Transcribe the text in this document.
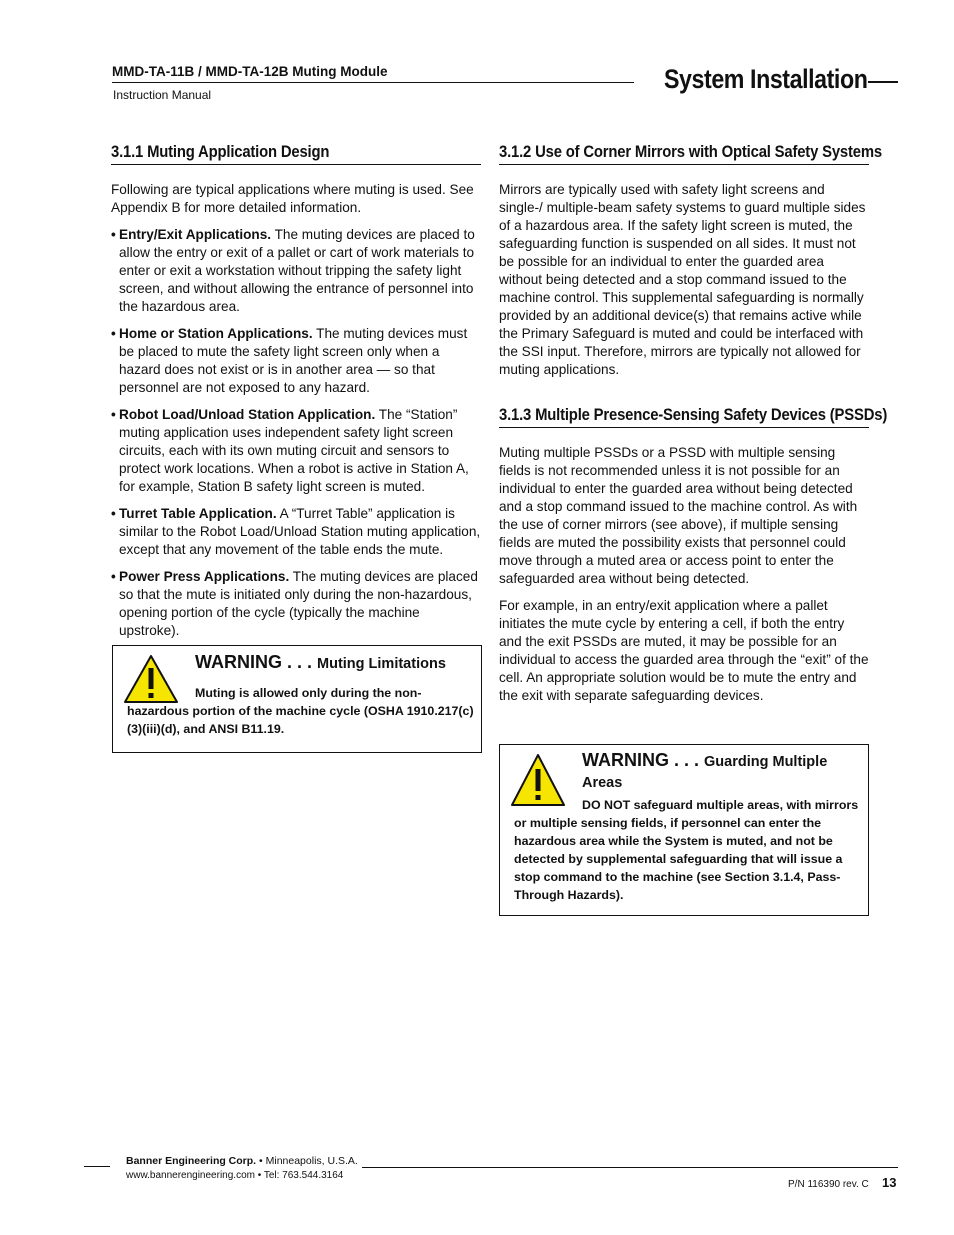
MMD-TA-11B / MMD-TA-12B Muting Module
Instruction Manual
System Installation
3.1.1 Muting Application Design

Following are typical applications where muting is used. See Appendix B for more detailed information.

• Entry/Exit Applications. The muting devices are placed to allow the entry or exit of a pallet or cart of work materials to enter or exit a workstation without tripping the safety light screen, and without allowing the entrance of personnel into the hazardous area.
• Home or Station Applications. The muting devices must be placed to mute the safety light screen only when a hazard does not exist or is in another area — so that personnel are not exposed to any hazard.
• Robot Load/Unload Station Application. The “Station” muting application uses independent safety light screen circuits, each with its own muting circuit and sensors to protect work locations. When a robot is active in Station A, for example, Station B safety light screen is muted.
• Turret Table Application. A “Turret Table” application is similar to the Robot Load/Unload Station muting application, except that any movement of the table ends the mute.
• Power Press Applications. The muting devices are placed so that the mute is initiated only during the non-hazardous, opening portion of the cycle (typically the machine upstroke).
WARNING . . . Muting Limitations
Muting is allowed only during the non-hazardous portion of the machine cycle (OSHA 1910.217(c)(3)(iii)(d), and ANSI B11.19.
3.1.2 Use of Corner Mirrors with Optical Safety Systems

Mirrors are typically used with safety light screens and single-/ multiple-beam safety systems to guard multiple sides of a hazardous area. If the safety light screen is muted, the safeguarding function is suspended on all sides. It must not be possible for an individual to enter the guarded area without being detected and a stop command issued to the machine control. This supplemental safeguarding is normally provided by an additional device(s) that remains active while the Primary Safeguard is muted and could be interfaced with the SSI input. Therefore, mirrors are typically not allowed for muting applications.

3.1.3 Multiple Presence-Sensing Safety Devices (PSSDs)

Muting multiple PSSDs or a PSSD with multiple sensing fields is not recommended unless it is not possible for an individual to enter the guarded area without being detected and a stop command issued to the machine control. As with the use of corner mirrors (see above), if multiple sensing fields are muted the possibility exists that personnel could move through a muted area or access point to enter the safeguarded area without being detected.

For example, in an entry/exit application where a pallet initiates the mute cycle by entering a cell, if both the entry and the exit PSSDs are muted, it may be possible for an individual to access the guarded area through the “exit” of the cell. An appropriate solution would be to mute the entry and the exit with separate safeguarding devices.

WARNING . . . Guarding Multiple Areas
DO NOT safeguard multiple areas, with mirrors or multiple sensing fields, if personnel can enter the hazardous area while the System is muted, and not be detected by supplemental safeguarding that will issue a stop command to the machine (see Section 3.1.4, Pass-Through Hazards).
Banner Engineering Corp. • Minneapolis, U.S.A.
www.bannerengineering.com • Tel: 763.544.3164
P/N 116390 rev. C 13
